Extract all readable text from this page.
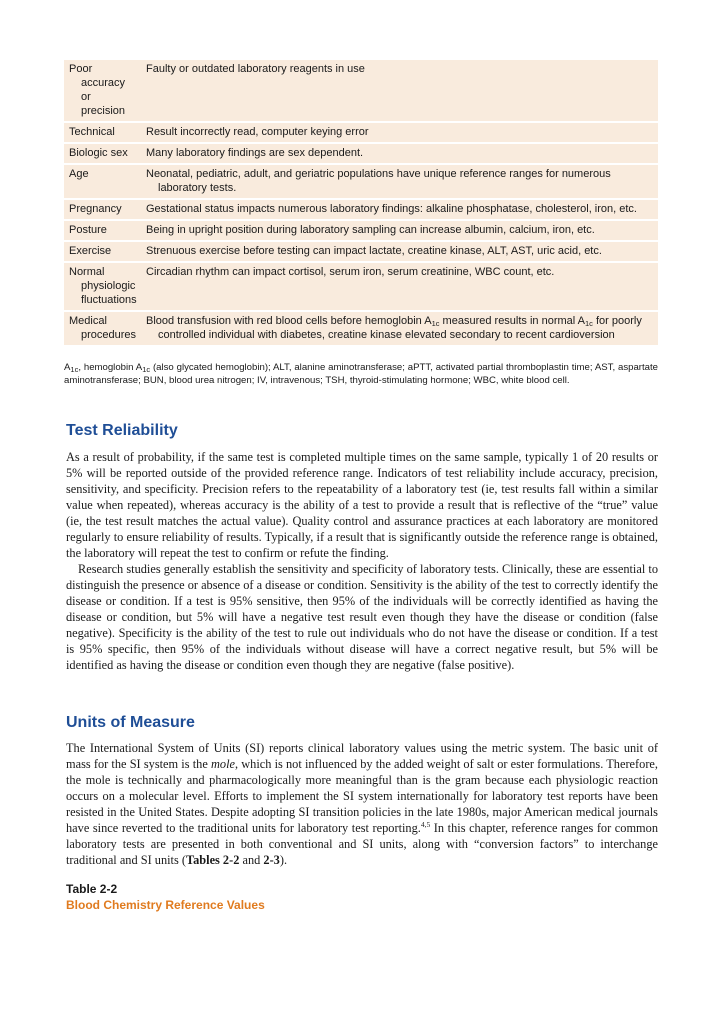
Poor accuracy or precision	Faulty or outdated laboratory reagents in use

Technical	Result incorrectly read, computer keying error

Biologic sex	Many laboratory findings are sex dependent.

Age	Neonatal, pediatric, adult, and geriatric populations have unique reference ranges for numerous laboratory tests.

Pregnancy	Gestational status impacts numerous laboratory findings: alkaline phosphatase, cholesterol, iron, etc.

Posture	Being in upright position during laboratory sampling can increase albumin, calcium, iron, etc.

Exercise	Strenuous exercise before testing can impact lactate, creatine kinase, ALT, AST, uric acid, etc.

Normal physiologic fluctuations	Circadian rhythm can impact cortisol, serum iron, serum creatinine, WBC count, etc.

Medical procedures	Blood transfusion with red blood cells before hemoglobin $A_{1c}$ measured results in normal $A_{1c}$ for poorly controlled individual with diabetes, creatine kinase elevated secondary to recent cardioversion

$A_{1c}$, hemoglobin $A_{1c}$ (also glycated hemoglobin); ALT, alanine aminotransferase; aPTT, activated partial thromboplastin time; AST, aspartate aminotransferase; BUN, blood urea nitrogen; IV, intravenous; TSH, thyroid-stimulating hormone; WBC, white blood cell.

Test Reliability

As a result of probability, if the same test is completed multiple times on the same sample, typically 1 of 20 results or 5% will be reported outside of the provided reference range. Indicators of test reliability include accuracy, precision, sensitivity, and specificity. Precision refers to the repeatability of a laboratory test (ie, test results fall within a similar value when repeated), whereas accuracy is the ability of a test to provide a result that is reflective of the “true” value (ie, the test result matches the actual value). Quality control and assurance practices at each laboratory are monitored regularly to ensure reliability of results. Typically, if a result that is significantly outside the reference range is obtained, the laboratory will repeat the test to confirm or refute the finding.

Research studies generally establish the sensitivity and specificity of laboratory tests. Clinically, these are essential to distinguish the presence or absence of a disease or condition. Sensitivity is the ability of the test to correctly identify the disease or condition. If a test is 95% sensitive, then 95% of the individuals will be correctly identified as having the disease or condition, but 5% will have a negative test result even though they have the disease or condition (false negative). Specificity is the ability of the test to rule out individuals who do not have the disease or condition. If a test is 95% specific, then 95% of the individuals without disease will have a correct negative result, but 5% will be identified as having the disease or condition even though they are negative (false positive).

Units of Measure

The International System of Units (SI) reports clinical laboratory values using the metric system. The basic unit of mass for the SI system is the mole, which is not influenced by the added weight of salt or ester formulations. Therefore, the mole is technically and pharmacologically more meaningful than is the gram because each physiologic reaction occurs on a molecular level. Efforts to implement the SI system internationally for laboratory test reports have been resisted in the United States. Despite adopting SI transition policies in the late 1980s, major American medical journals have since reverted to the traditional units for laboratory test reporting.$^{4,5}$ In this chapter, reference ranges for common laboratory tests are presented in both conventional and SI units, along with “conversion factors” to interchange traditional and SI units (Tables 2-2 and 2-3).

Table 2-2

Blood Chemistry Reference Values
